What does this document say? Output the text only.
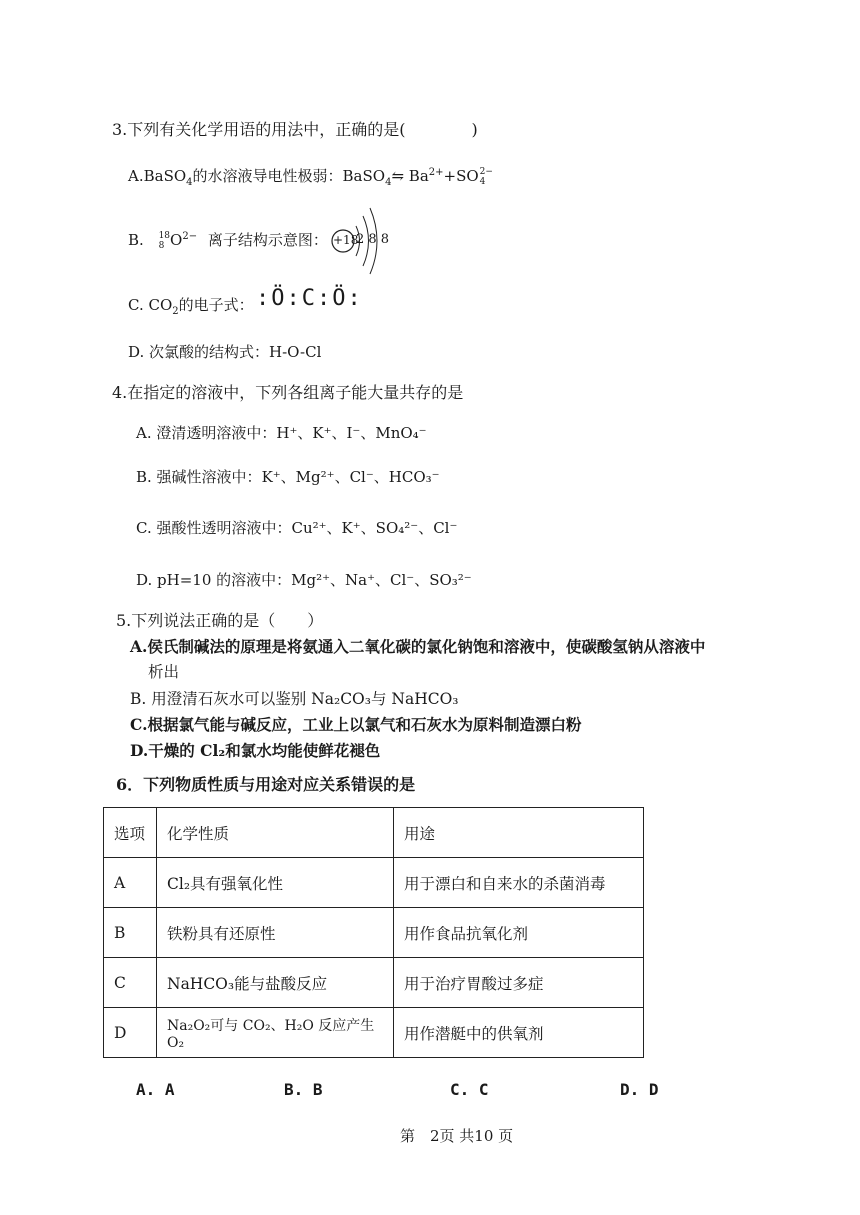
3.下列有关化学用语的用法中，正确的是(	)
A.BaSO$_4$的水溶液导电性极弱：BaSO$_4$⇋ $Ba^{2+}+SO$ 2−
4
B. 18
8 $O^{2-}$ 离子结构示意图： +18
2 8 8
C. $CO_2$的电子式： :Ö:C:Ö:
D. 次氯酸的结构式：H-O-Cl
4.在指定的溶液中，下列各组离子能大量共存的是
A. 澄清透明溶液中：H⁺、K⁺、I⁻、MnO₄⁻
B. 强碱性溶液中：K⁺、Mg²⁺、Cl⁻、HCO₃⁻
C. 强酸性透明溶液中：Cu²⁺、K⁺、SO₄²⁻、Cl⁻
D. pH=10 的溶液中：Mg²⁺、Na⁺、Cl⁻、SO₃²⁻
5.下列说法正确的是（　　）
A.侯氏制碱法的原理是将氨通入二氧化碳的氯化钠饱和溶液中，使碳酸氢钠从溶液中
析出
B. 用澄清石灰水可以鉴别 Na₂CO₃与 NaHCO₃
C.根据氯气能与碱反应，工业上以氯气和石灰水为原料制造漂白粉
D.干燥的 Cl₂和氯水均能使鲜花褪色
6．下列物质性质与用途对应关系错误的是
选项	化学性质	用途
A	Cl₂具有强氧化性	用于漂白和自来水的杀菌消毒
B	铁粉具有还原性	用作食品抗氧化剂
C	NaHCO₃能与盐酸反应	用于治疗胃酸过多症
D	Na₂O₂可与 CO₂、H₂O 反应产生 O₂	用作潜艇中的供氧剂
A. A	B. B	C. C	D. D
第　2页 共10 页
